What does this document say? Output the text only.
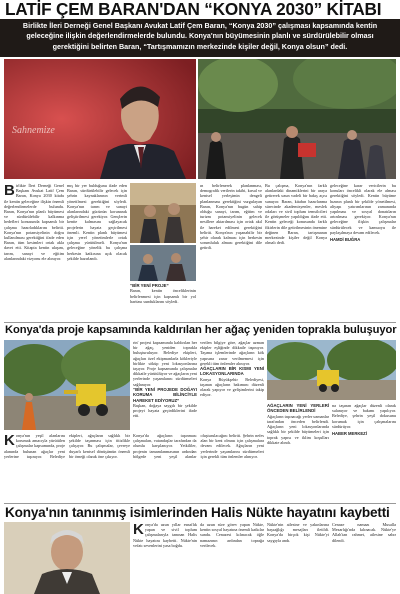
LATİF ÇEM BARAN'DAN “KONYA 2030” KİTABI
Birlikte İleri Derneği Genel Başkanı Avukat Latif Çem Baran, “Konya 2030” çalışması kapsamında kentin geleceğine ilişkin değerlendirmelerde bulundu. Konya'nın büyümesinin planlı ve sürdürülebilir olması gerektiğini belirten Baran, “Tartışmamızın merkezinde kişiler değil, Konya olsun” dedi.
Sahnemize
B irlikte İleri Derneği Genel Başkanı Avukat Latif Çem Baran, Konya 2030 kitabı ile kentin geleceğine ilişkin önemli değerlendirmelerde bulundu. Baran, Konya'nın planlı büyümesi ve sürdürülebilir kalkınma hedefleri konusunda kapsamlı bir çalışma hazırladıklarını belirtti. Konya'nın potansiyelinin doğru kullanılması gerektiğini ifade eden Baran, tüm kesimleri ortak akla davet etti. Kitapta kentin ulaşım, tarım, sanayi ve eğitim alanlarındaki vizyonu ele alınıyor.

mış bir yer bulduğunu ifade eden Baran, sürdürülebilir gelecek için şehrin kaynaklarının verimli yönetilmesi gerektiğini söyledi. Konya'nın tarım ve sanayi alanlarındaki gücünün korunarak geliştirilmesi gerekiyor. Gençlerin kentte kalmasını sağlayacak projelerin hayata geçirilmesi önemli. Kentin planlı büyümesi için yerel yönetimlerle ortak çalışma yürütülmeli. Konya'nın geleceğine yönelik bu çalışma herkesin katkısına açık olacak şekilde hazırlandı.

“BİR YENİ PROJE”

Baran, kentin önceliklerinin belirlenmesi için kapsamlı bir yol haritası sunduklarını söyledi.

ın belirlenerek planlanması, demografik verilerin takibi, kırsal ve kentsel yerleşimin dengeli planlanması gerektiğini vurgulayan Baran, Konya'nın bugün sahip olduğu sanayi, tarım, eğitim ve turizm potansiyelinin gelecek nesillere aktarılması için ortak akıl ile hareket edilmesi gerektiğini belirtti. Konya'nın yaşanabilir bir şehir olarak kalması için herkesin sorumluluk alması gerektiğini dile getirdi.

Bu çalışma, Konya'nın farklı alanlardaki dinamiklerini bir araya getirerek uzun vadeli bir bakış açısı sunuyor. Baran, kitabın hazırlanma sürecinde akademisyenler, meslek odaları ve sivil toplum temsilcileri ile görüşmeler yapıldığını ifade etti. Kentin geleceği konusunda farklı fikirlerin dile getirilmesinin önemine değinen Baran, tartışmanın merkezinde kişiler değil Konya olmalı dedi.

geleceğine karar vericilerin bu konuları öncelikli olarak ele alması gerektiğini söyledi. Kentin büyüme hızının planlı bir şekilde yönetilmesi, altyapı yatırımlarının zamanında yapılması ve sosyal donatıların artırılması gerekiyor. Konya'nın geleceğine ilişkin çalışmalar sürdürülecek ve kamuoyu ile paylaşılmaya devam edilecek.

HAMDİ BUĞRA
Konya'da proje kapsamında kaldırılan her ağaç yeniden toprakla buluşuyor

rin' projesi kapsamında kaldırılan her bir ağaç, yeniden toprakla buluşturuluyor. Belediye ekipleri, ağaçları özel ekipmanlarla kökleriyle birlikte söküp yeni lokasyonlarına taşıyor. Proje kapsamında çalışmalar dikkatle yürütülüyor ve ağaçların yeni yerlerinde yaşamlarını sürdürmeleri sağlanıyor.

“BİR YENİ PROJEDE DOĞAYI KORUMA BİLİNCİYLE HAREKET EDİYORUZ”

Başkan, doğaya saygılı bir şekilde projeyi hayata geçirdiklerini ifade etti.

verilen bilgiye göre, ağaçlar uzman ekipler eşliğinde dikkatle taşınıyor. Taşıma işlemlerinde ağaçların kök yapısına zarar verilmemesi için gerekli tüm önlemler alınıyor.

AĞAÇLARIN BİR KISMI YENİ LOKASYONLARINDA

Konya Büyükşehir Belediyesi, taşınan ağaçların bakımını düzenli olarak yapıyor ve gelişimlerini takip ediyor.

AĞAÇLARIN YENİ YERLERİ ÖNCEDEN BELİRLENDİ

Ağaçların taşınacağı yerler uzmanlar tarafından önceden belirlendi. Ağaçların yeni lokasyonlarında sağlıklı bir şekilde büyümeleri için toprak yapısı ve iklim koşulları dikkate alındı.

na taşınan ağaçlar düzenli olarak sulanıyor ve bakımı yapılıyor. Belediye, şehrin yeşil dokusunu korumak için çalışmalarını sürdürüyor.

HABER MERKEZİ
K onya'nın yeşil alanlarını korumak amacıyla yürütülen çalışmalar kapsamında, proje alanında bulunan ağaçlar yeni yerlerine taşınıyor. Belediye ekipleri, ağaçların sağlıklı bir şekilde taşınması için titizlikle çalışıyor. Bu çalışmalar, çevreye duyarlı kentsel dönüşümün önemli bir örneği olarak öne çıkıyor.

Konya'da ağaçların taşınması çalışmaları, vatandaşlar tarafından da olumlu karşılanıyor. Yetkililer, projenin tamamlanmasının ardından bölgede yeni yeşil alanlar oluşturulacağını belirtti. Şehrin nefes alan bir kent olması için çalışmalara devam edilecek. Ağaçların yeni yerlerinde yaşamlarını sürdürmeleri için gerekli tüm önlemler alınıyor.

Konya'nın tanınmış isimlerinden Halis Nükte hayatını kaybetti
K onya'da uzun yıllar esnaflık yapan ve sivil toplum çalışmalarıyla tanınan Halis Nükte hayatını kaybetti. Nükte'nin vefatı sevenlerini yasa boğdu.

da uzun süre görev yapan Nükte, kentin sosyal hayatına önemli katkılar sundu. Cenazesi kılınacak öğle namazının ardından toprağa verilecek.

Nükte'nin ailesine ve yakınlarına başsağlığı mesajları iletildi. Konya'da birçok kişi Nükte'yi saygıyla andı.

Cenaze namazı Musalla Mezarlığı'nda kılınacak. Nükte'ye Allah'tan rahmet, ailesine sabır dilendi.
